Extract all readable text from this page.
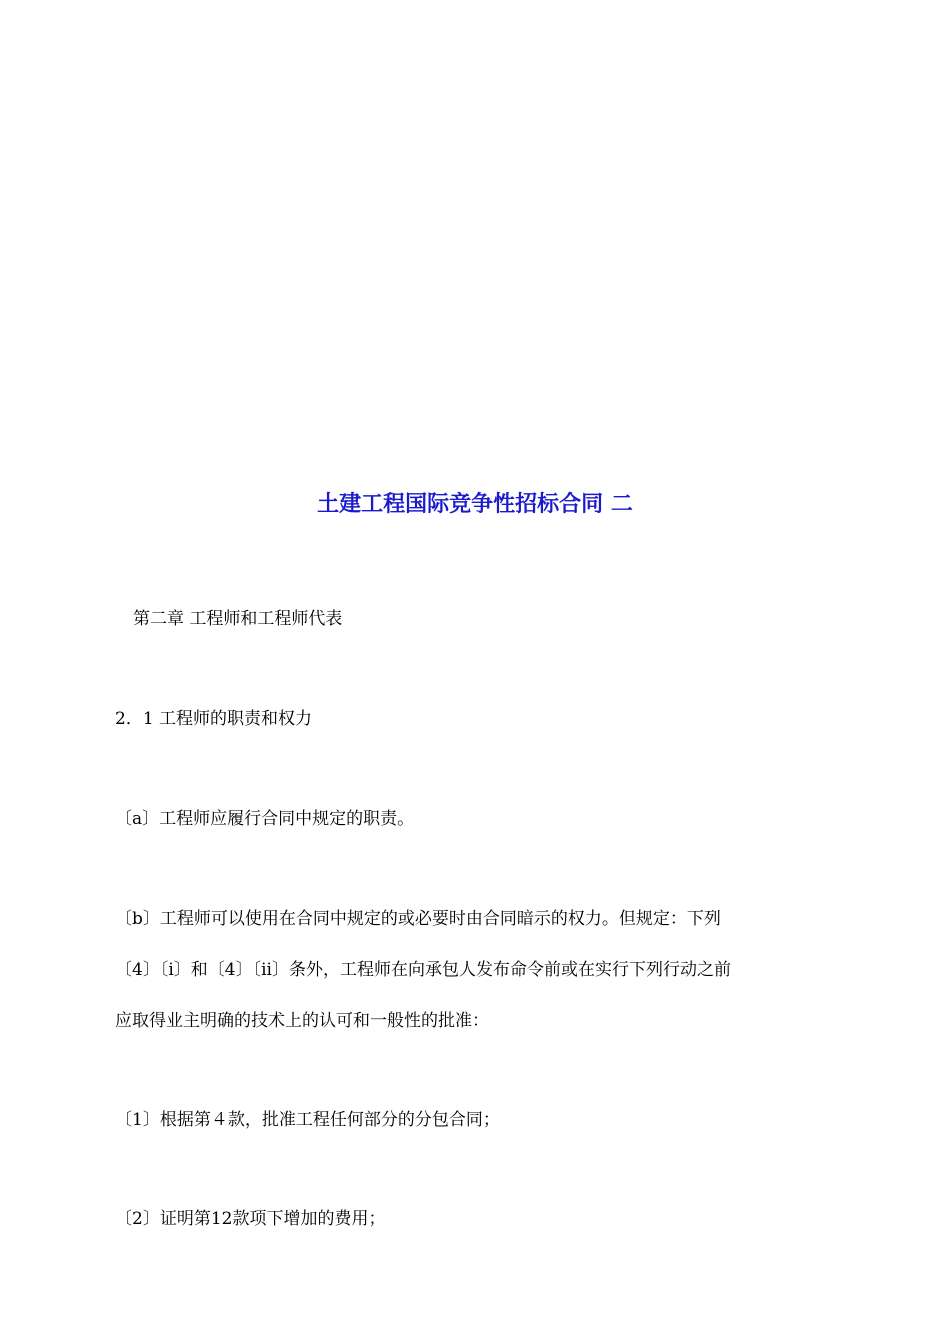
土建工程国际竞争性招标合同 二
第二章 工程师和工程师代表
2．1 工程师的职责和权力
〔a〕工程师应履行合同中规定的职责。
〔b〕工程师可以使用在合同中规定的或必要时由合同暗示的权力。但规定：下列
〔4〕〔i〕和〔4〕〔ii〕条外，工程师在向承包人发布命令前或在实行下列行动之前
应取得业主明确的技术上的认可和一般性的批准：
〔1〕根据第４款，批准工程任何部分的分包合同；
〔2〕证明第12款项下增加的费用；
